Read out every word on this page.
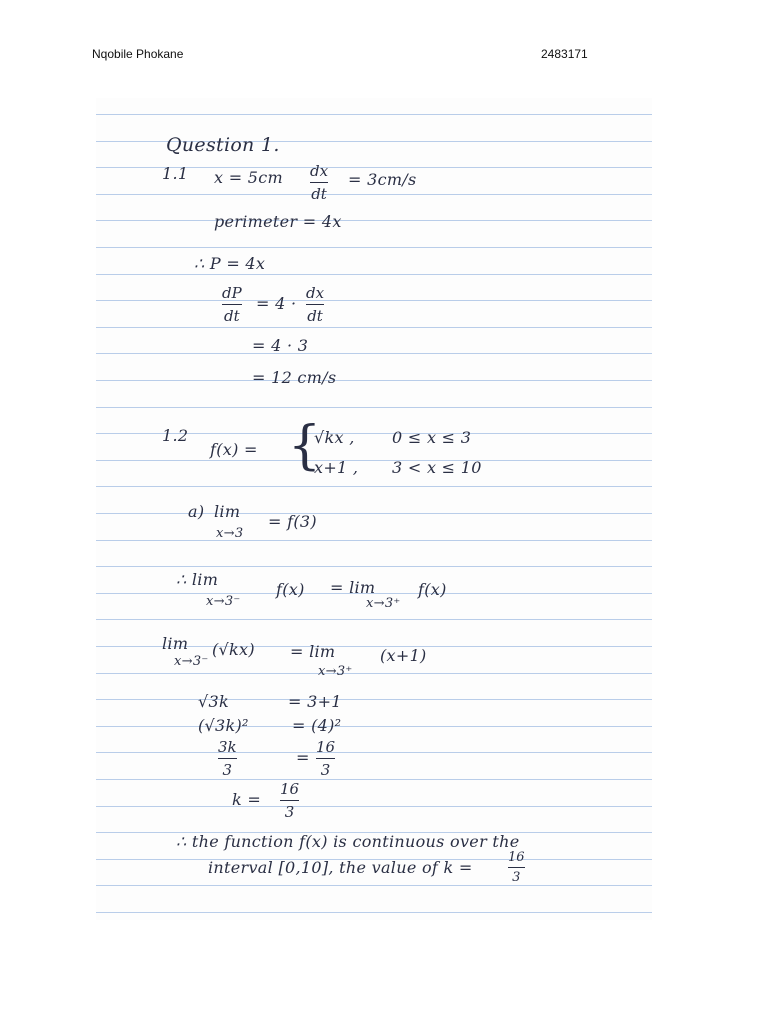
Nqobile Phokane	2483171
Question 1.
1.1 x = 5cm dx
dt
= 3cm/s
perimeter = 4x
∴ P = 4x
dP
dt
= 4 ·
dx
dt
= 4 · 3
= 12 cm/s
1.2
f(x) = {
√kx , 0 ≤ x ≤ 3
x+1 , 3 < x ≤ 10
a) lim
x→3
= f(3)
∴ lim
x→3⁻
f(x) = lim
x→3⁺
f(x)
lim
x→3⁻
(√kx) = lim
x→3⁺
(x+1)
√3k	= 3+1
(√3k)²	= (4)²
3k
3
=
16
3
k =
16
3
∴ the function f(x) is continuous over the
interval [0,10], the value of k =
16
3
